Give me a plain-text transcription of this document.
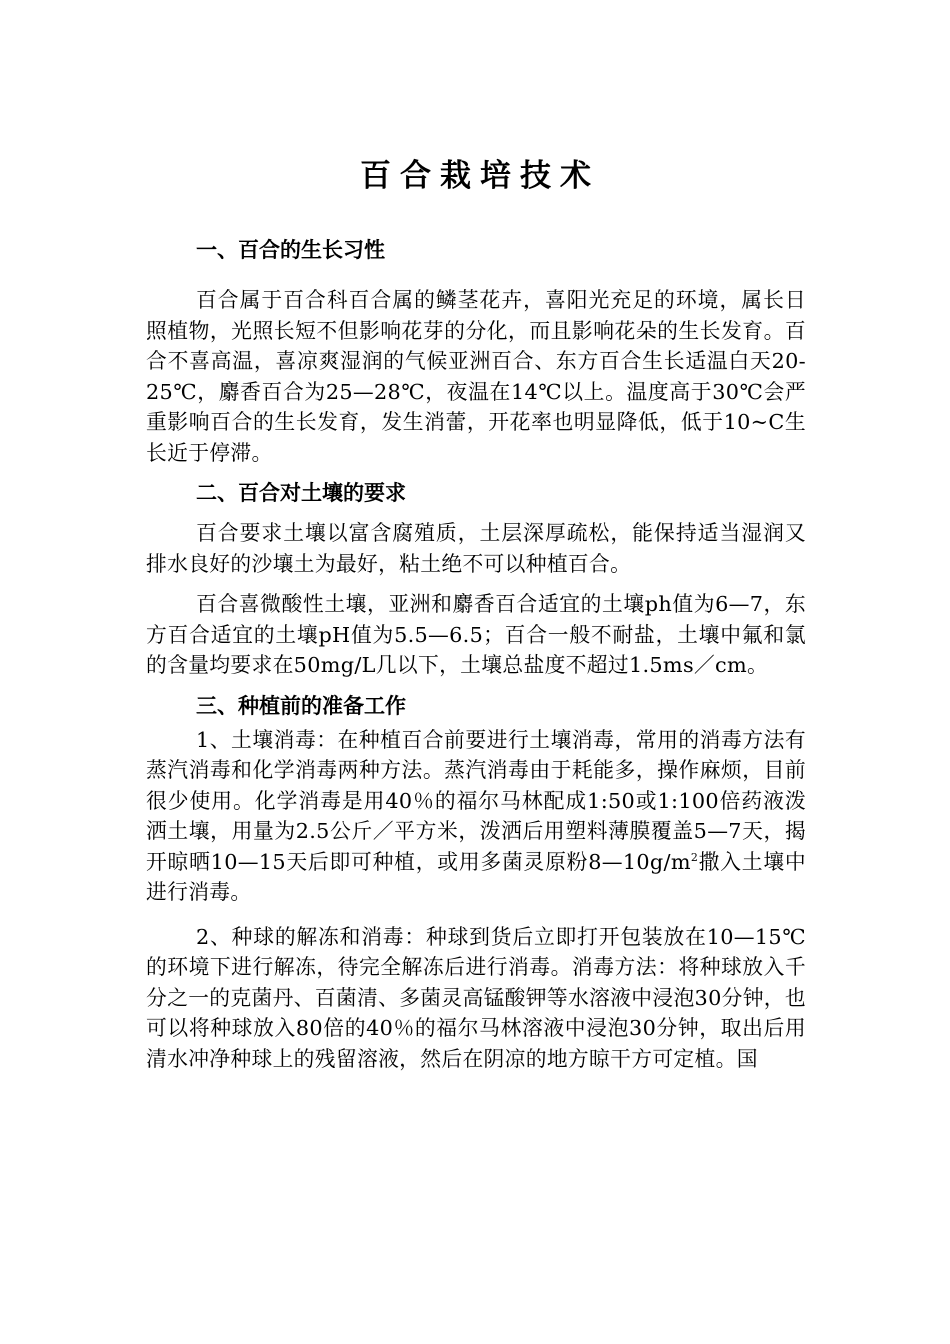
百合栽培技术
一、百合的生长习性

百合属于百合科百合属的鳞茎花卉，喜阳光充足的环境，属长日照植物，光照长短不但影响花芽的分化，而且影响花朵的生长发育。百合不喜高温，喜凉爽湿润的气候亚洲百合、东方百合生长适温白天20-25℃，麝香百合为25—28℃，夜温在14℃以上。温度高于30℃会严重影响百合的生长发育，发生消蕾，开花率也明显降低，低于10~C生长近于停滞。

二、百合对土壤的要求

百合要求土壤以富含腐殖质，土层深厚疏松，能保持适当湿润又排水良好的沙壤土为最好，粘土绝不可以种植百合。

百合喜微酸性土壤，亚洲和麝香百合适宜的土壤ph值为6—7，东方百合适宜的土壤pH值为5.5—6.5；百合一般不耐盐，土壤中氟和氯的含量均要求在50mg/L几以下，土壤总盐度不超过1.5ms／cm。

三、种植前的准备工作

1、土壤消毒：在种植百合前要进行土壤消毒，常用的消毒方法有蒸汽消毒和化学消毒两种方法。蒸汽消毒由于耗能多，操作麻烦，目前很少使用。化学消毒是用40％的福尔马林配成1:50或1:100倍药液泼洒土壤，用量为2.5公斤／平方米，泼洒后用塑料薄膜覆盖5—7天，揭开晾晒10—15天后即可种植，或用多菌灵原粉$8—10g/m^2$撒入土壤中进行消毒。

2、种球的解冻和消毒：种球到货后立即打开包装放在10—15℃的环境下进行解冻，待完全解冻后进行消毒。消毒方法：将种球放入千分之一的克菌丹、百菌清、多菌灵高锰酸钾等水溶液中浸泡30分钟，也可以将种球放入80倍的40％的福尔马林溶液中浸泡30分钟，取出后用清水冲净种球上的残留溶液，然后在阴凉的地方晾干方可定植。国
